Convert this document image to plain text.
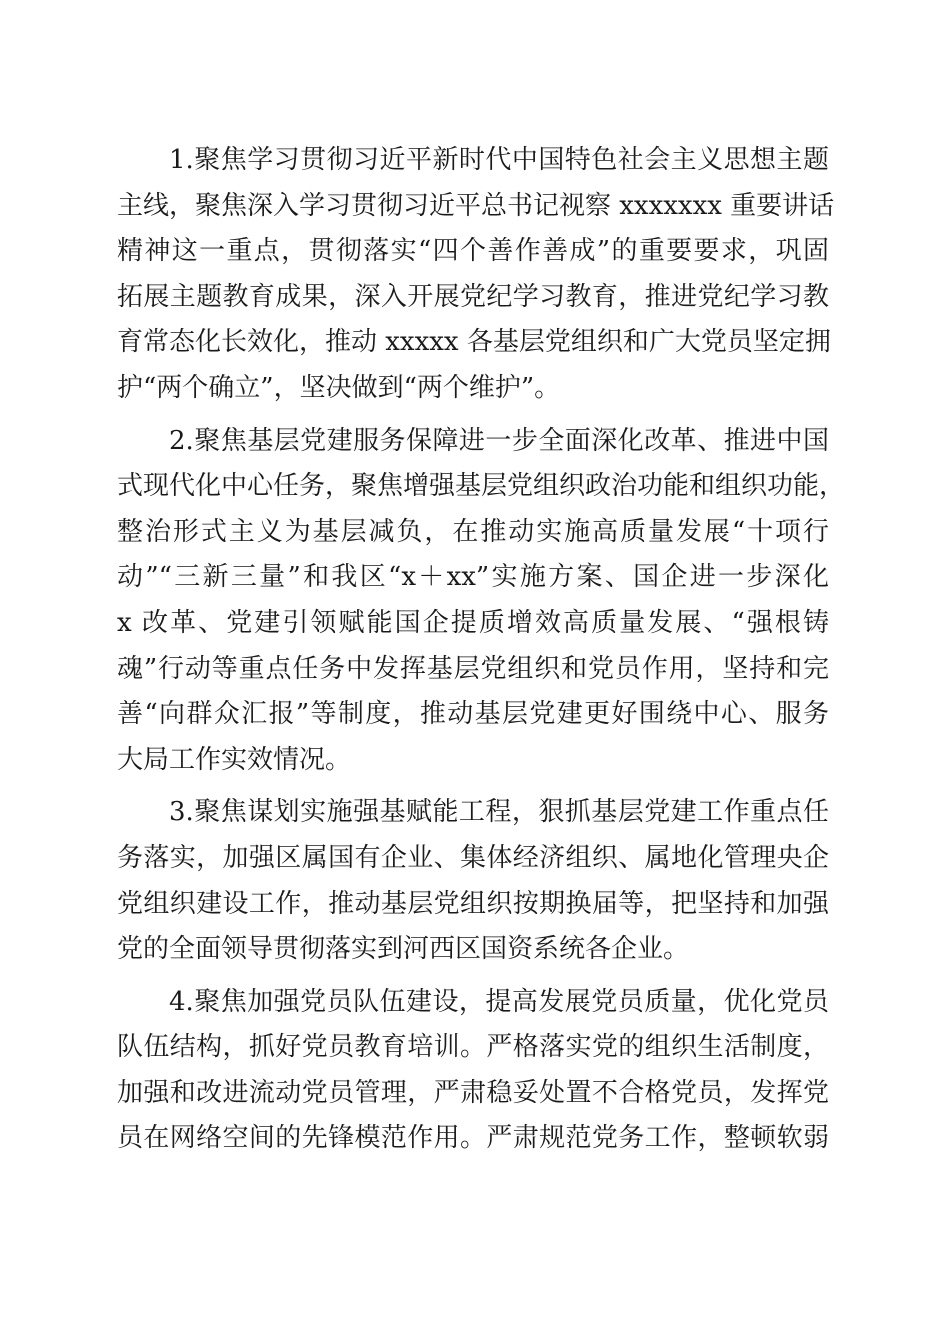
1.聚焦学习贯彻习近平新时代中国特色社会主义思想主题
主线，聚焦深入学习贯彻习近平总书记视察 xxxxxxx 重要讲话
精神这一重点，贯彻落实“四个善作善成”的重要要求，巩固
拓展主题教育成果，深入开展党纪学习教育，推进党纪学习教
育常态化长效化，推动 xxxxx 各基层党组织和广大党员坚定拥
护“两个确立”，坚决做到“两个维护”。
2.聚焦基层党建服务保障进一步全面深化改革、推进中国
式现代化中心任务，聚焦增强基层党组织政治功能和组织功能，
整治形式主义为基层减负，在推动实施高质量发展“十项行
动”“三新三量”和我区“x＋xx”实施方案、国企进一步深化
x 改革、党建引领赋能国企提质增效高质量发展、“强根铸
魂”行动等重点任务中发挥基层党组织和党员作用，坚持和完
善“向群众汇报”等制度，推动基层党建更好围绕中心、服务
大局工作实效情况。
3.聚焦谋划实施强基赋能工程，狠抓基层党建工作重点任
务落实，加强区属国有企业、集体经济组织、属地化管理央企
党组织建设工作，推动基层党组织按期换届等，把坚持和加强
党的全面领导贯彻落实到河西区国资系统各企业。
4.聚焦加强党员队伍建设，提高发展党员质量，优化党员
队伍结构，抓好党员教育培训。严格落实党的组织生活制度，
加强和改进流动党员管理，严肃稳妥处置不合格党员，发挥党
员在网络空间的先锋模范作用。严肃规范党务工作，整顿软弱
